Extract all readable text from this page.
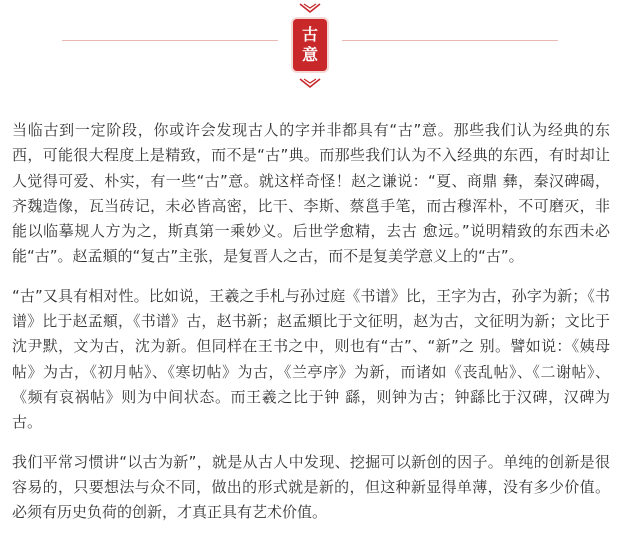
古
意

当临古到一定阶段，你或许会发现古人的字并非都具有“古”意。那些我们认为经典的东西，可能很大程度上是精致，而不是“古”典。而那些我们认为不入经典的东西，有时却让人觉得可爱、朴实，有一些“古”意。就这样奇怪！赵之谦说：“夏、商鼎 彝，秦汉碑碣，齐魏造像，瓦当砖记，未必皆高密，比干、李斯、蔡邕手笔，而古穆浑朴，不可磨灭，非能以临摹规人方为之，斯真第一乘妙义。后世学愈精，去古 愈远。”说明精致的东西未必能“古”。赵孟頫的“复古”主张，是复晋人之古，而不是复美学意义上的“古”。

“古”又具有相对性。比如说，王羲之手札与孙过庭《书谱》比，王字为古，孙字为新；《书谱》比于赵孟頫，《书谱》古，赵书新；赵孟頫比于文征明，赵为古，文征明为新；文比于沈尹默，文为古，沈为新。但同样在王书之中，则也有“古”、“新”之 别。譬如说：《姨母帖》为古，《初月帖》、《寒切帖》为古，《兰亭序》为新，而诸如《丧乱帖》、《二谢帖》、《频有哀祸帖》则为中间状态。而王羲之比于钟 繇，则钟为古；钟繇比于汉碑，汉碑为古。

我们平常习惯讲“以古为新”，就是从古人中发现、挖掘可以新创的因子。单纯的创新是很容易的，只要想法与众不同，做出的形式就是新的，但这种新显得单薄，没有多少价值。必须有历史负荷的创新，才真正具有艺术价值。
